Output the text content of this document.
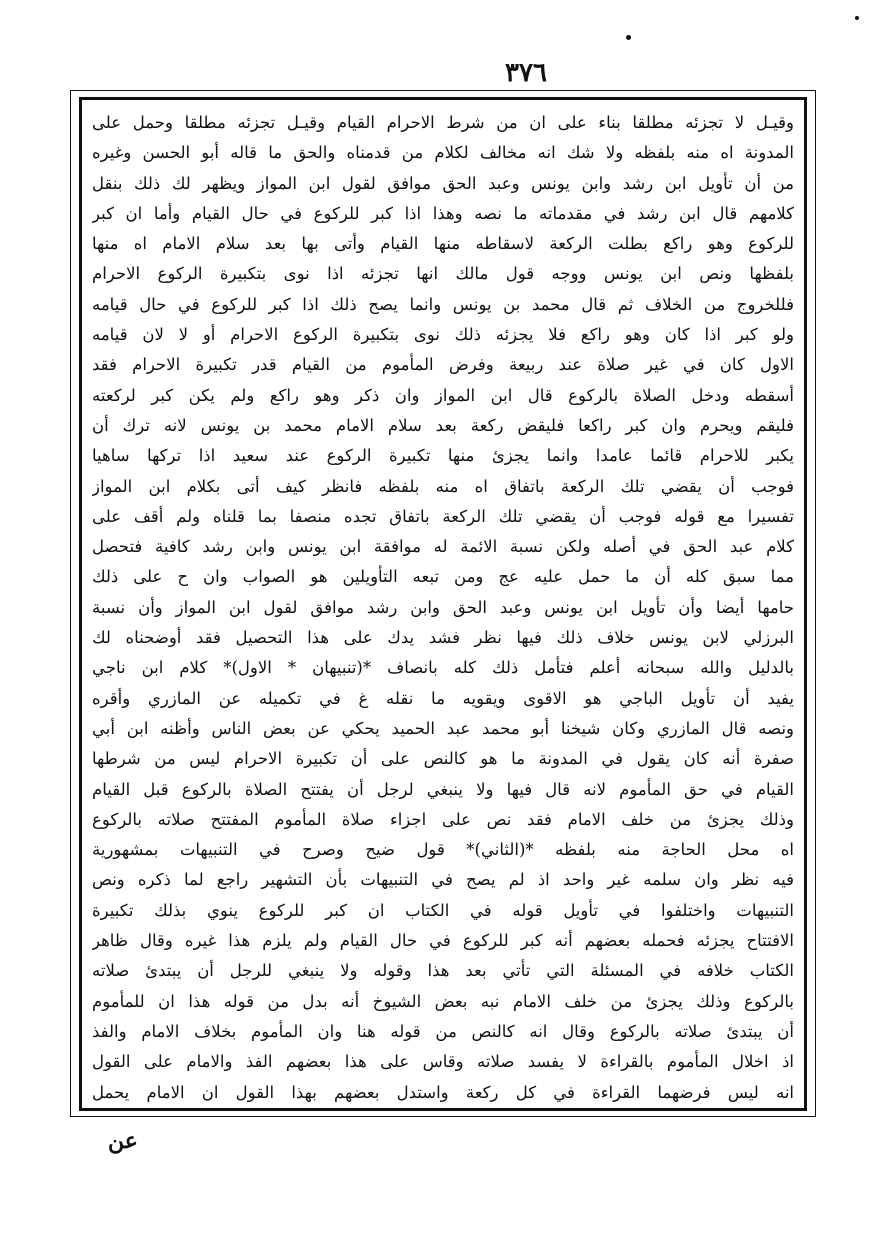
٣٧٦
وقيـل لا تجزئه مطلقا بناء على ان من شرط الاحرام القيام وقيـل تجزئه مطلقا وحمل على
المدونة اه منه بلفظه ولا شك انه مخالف لكلام من قدمناه والحق ما قاله أبو الحسن وغيره
من أن تأويل ابن رشد وابن يونس وعبد الحق موافق لقول ابن المواز ويظهر لك ذلك بنقل
كلامهم قال ابن رشد في مقدماته ما نصه وهذا اذا كبر للركوع في حال القيام وأما ان كبر
للركوع وهو راكع بطلت الركعة لاسقاطه منها القيام وأتى بها بعد سلام الامام اه منها
بلفظها ونص ابن يونس ووجه قول مالك انها تجزئه اذا نوى بتكبيرة الركوع الاحرام
فللخروج من الخلاف ثم قال محمد بن يونس وانما يصح ذلك اذا كبر للركوع في حال قيامه
ولو كبر اذا كان وهو راكع فلا يجزئه ذلك نوى بتكبيرة الركوع الاحرام أو لا لان قيامه
الاول كان في غير صلاة عند ربيعة وفرض المأموم من القيام قدر تكبيرة الاحرام فقد
أسقطه ودخل الصلاة بالركوع قال ابن المواز وان ذكر وهو راكع ولم يكن كبر لركعته
فليقم ويحرم وان كبر راكعا فليقض ركعة بعد سلام الامام محمد بن يونس لانه ترك أن
يكبر للاحرام قائما عامدا وانما يجزئ منها تكبيرة الركوع عند سعيد اذا تركها ساهيا
فوجب أن يقضي تلك الركعة باتفاق اه منه بلفظه فانظر كيف أتى بكلام ابن المواز
تفسيرا مع قوله فوجب أن يقضي تلك الركعة باتفاق تجده منصفا بما قلناه ولم أقف على
كلام عبد الحق في أصله ولكن نسبة الائمة له موافقة ابن يونس وابن رشد كافية فتحصل
مما سبق كله أن ما حمل عليه عج ومن تبعه التأويلين هو الصواب وان ح على ذلك
حامها أيضا وأن تأويل ابن يونس وعبد الحق وابن رشد موافق لقول ابن المواز وأن نسبة
البرزلي لابن يونس خلاف ذلك فيها نظر فشد يدك على هذا التحصيل فقد أوضحناه لك
بالدليل والله سبحانه أعلم فتأمل ذلك كله بانصاف *(تنبيهان * الاول)* كلام ابن ناجي
يفيد أن تأويل الباجي هو الاقوى ويقويه ما نقله غ في تكميله عن المازري وأقره
ونصه قال المازري وكان شيخنا أبو محمد عبد الحميد يحكي عن بعض الناس وأظنه ابن أبي
صفرة أنه كان يقول في المدونة ما هو كالنص على أن تكبيرة الاحرام ليس من شرطها
القيام في حق المأموم لانه قال فيها ولا ينبغي لرجل أن يفتتح الصلاة بالركوع قبل القيام
وذلك يجزئ من خلف الامام فقد نص على اجزاء صلاة المأموم المفتتح صلاته بالركوع
اه محل الحاجة منه بلفظه *(الثاني)* قول ضيح وصرح في التنبيهات بمشهورية
فيه نظر وان سلمه غير واحد اذ لم يصح في التنبيهات بأن التشهير راجع لما ذكره ونص
التنبيهات واختلفوا في تأويل قوله في الكتاب ان كبر للركوع ينوي بذلك تكبيرة
الافتتاح يجزئه فحمله بعضهم أنه كبر للركوع في حال القيام ولم يلزم هذا غيره وقال ظاهر
الكتاب خلافه في المسئلة التي تأتي بعد هذا وقوله ولا ينبغي للرجل أن يبتدئ صلاته
بالركوع وذلك يجزئ من خلف الامام نبه بعض الشيوخ أنه بدل من قوله هذا ان للمأموم
أن يبتدئ صلاته بالركوع وقال انه كالنص من قوله هنا وان المأموم بخلاف الامام والفذ
اذ اخلال المأموم بالقراءة لا يفسد صلاته وقاس على هذا بعضهم الفذ والامام على القول
انه ليس فرضهما القراءة في كل ركعة واستدل بعضهم بهذا القول ان الامام يحمل
عن
